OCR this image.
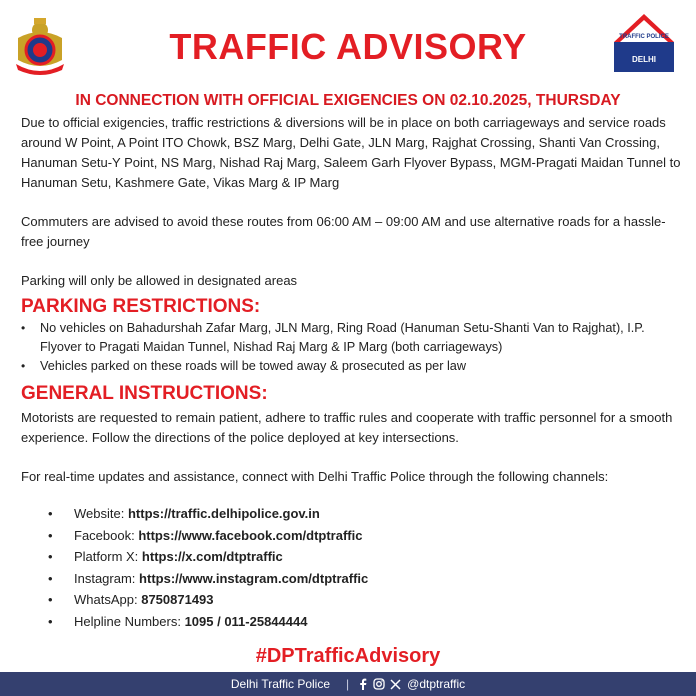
TRAFFIC ADVISORY	TRAFFIC POLICE
DELHI
IN CONNECTION WITH OFFICIAL EXIGENCIES ON 02.10.2025, THURSDAY

Due to official exigencies, traffic restrictions & diversions will be in place on both carriageways and service roads around W Point, A Point ITO Chowk, BSZ Marg, Delhi Gate, JLN Marg, Rajghat Crossing, Shanti Van Crossing, Hanuman Setu-Y Point, NS Marg, Nishad Raj Marg, Saleem Garh Flyover Bypass, MGM-Pragati Maidan Tunnel to Hanuman Setu, Kashmere Gate, Vikas Marg & IP Marg

Commuters are advised to avoid these routes from 06:00 AM – 09:00 AM and use alternative roads for a hassle-free journey

Parking will only be allowed in designated areas

PARKING RESTRICTIONS:
• No vehicles on Bahadurshah Zafar Marg, JLN Marg, Ring Road (Hanuman Setu-Shanti Van to Rajghat), I.P. Flyover to Pragati Maidan Tunnel, Nishad Raj Marg & IP Marg (both carriageways)
• Vehicles parked on these roads will be towed away & prosecuted as per law
GENERAL INSTRUCTIONS:

Motorists are requested to remain patient, adhere to traffic rules and cooperate with traffic personnel for a smooth experience. Follow the directions of the police deployed at key intersections.

For real-time updates and assistance, connect with Delhi Traffic Police through the following channels:

• Website: https://traffic.delhipolice.gov.in
• Facebook: https://www.facebook.com/dtptraffic
• Platform X: https://x.com/dtptraffic
• Instagram: https://www.instagram.com/dtptraffic
• WhatsApp: 8750871493
• Helpline Numbers: 1095 / 011-25844444
#DPTrafficAdvisory
Delhi Traffic Police |	@dtptraffic
